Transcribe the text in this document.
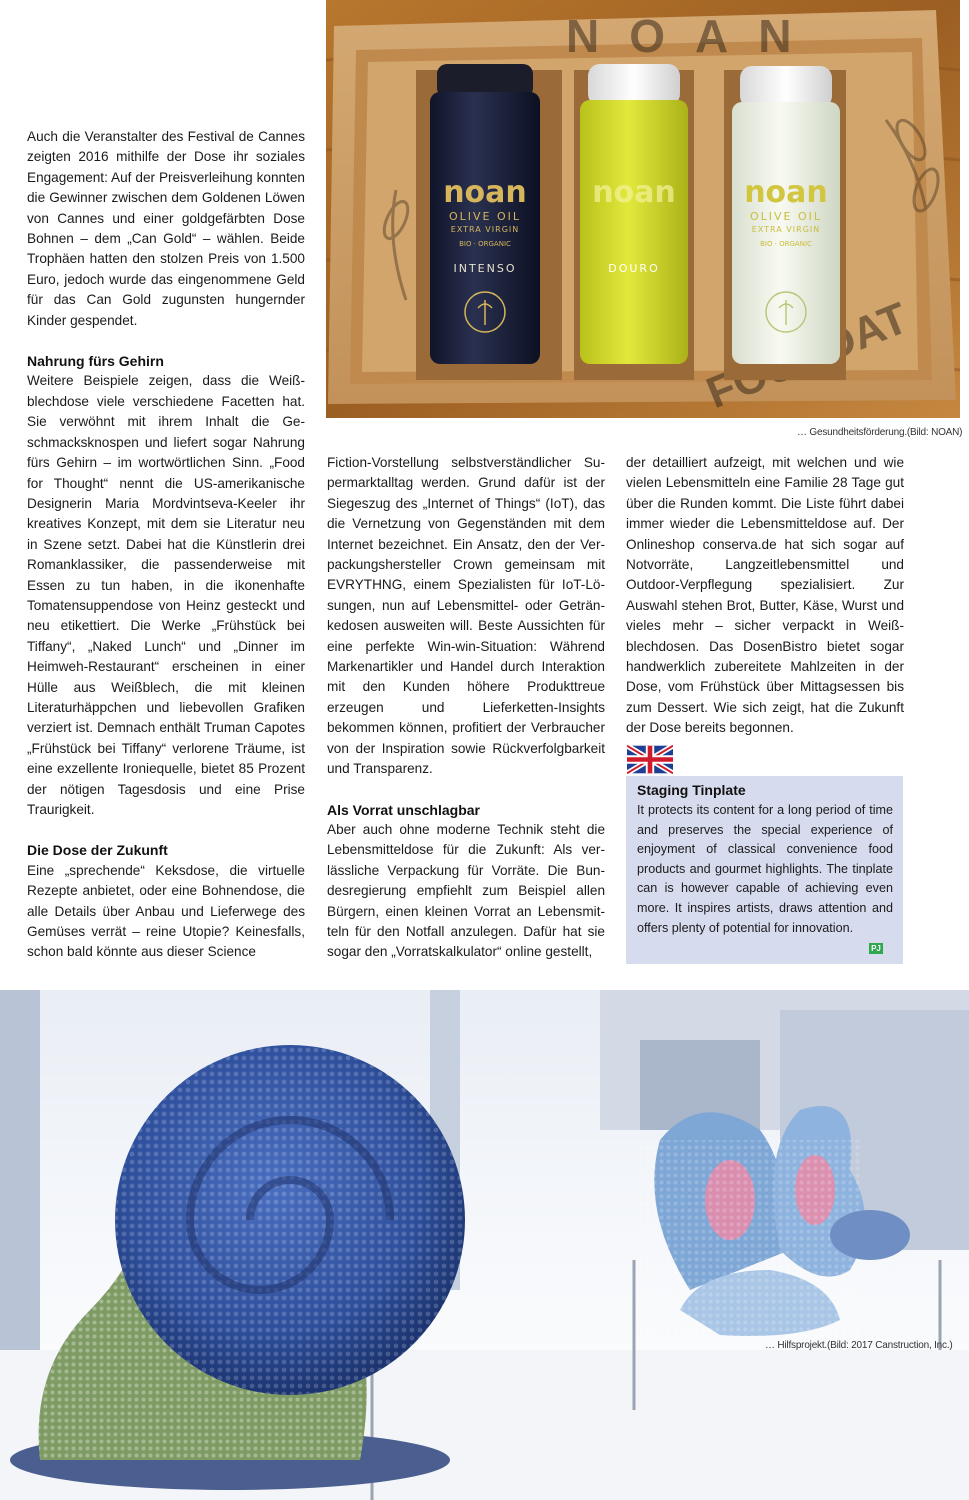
NOAN
noan
OLIVE OIL
EXTRA VIRGIN
BIO · ORGANIC
INTENSO
noan
DOURO
noan
OLIVE OIL
EXTRA VIRGIN
BIO · ORGANIC
… Gesundheitsförderung.(Bild: NOAN)

Auch die Veranstalter des Festival de Cannes zeigten 2016 mithilfe der Dose ihr soziales Engagement: Auf der Preisverleihung konnten die Gewinner zwischen dem Goldenen Löwen von Cannes und einer goldgefärbten Dose Bohnen – dem „Can Gold“ – wählen. Beide Trophäen hatten den stolzen Preis von 1.500 Euro, jedoch wurde das eingenommene Geld für das Can Gold zugunsten hungernder Kinder gespendet.

Nahrung fürs Gehirn

Weitere Beispiele zeigen, dass die Weißblechdose viele verschiedene Facetten hat. Sie verwöhnt mit ihrem Inhalt die Geschmacksknospen und liefert sogar Nahrung fürs Gehirn – im wortwörtlichen Sinn. „Food for Thought“ nennt die US-amerikanische Designerin Maria Mordvintseva-Keeler ihr kreatives Konzept, mit dem sie Literatur neu in Szene setzt. Dabei hat die Künstlerin drei Romanklassiker, die passenderweise mit Essen zu tun haben, in die ikonenhafte Tomatensuppendose von Heinz gesteckt und neu etikettiert. Die Werke „Frühstück bei Tiffany“, „Naked Lunch“ und „Dinner im Heimweh-Restaurant“ erscheinen in einer Hülle aus Weißblech, die mit kleinen Literaturhäppchen und liebevollen Grafiken verziert ist. Demnach enthält Truman Capotes „Frühstück bei Tiffany“ verlorene Träume, ist eine exzellente Ironiequelle, bietet 85 Prozent der nötigen Tagesdosis und eine Prise Traurigkeit.

Die Dose der Zukunft

Eine „sprechende“ Keksdose, die virtuelle Rezepte anbietet, oder eine Bohnendose, die alle Details über Anbau und Lieferwege des Gemüses verrät – reine Utopie? Keinesfalls, schon bald könnte aus dieser Science

Fiction-Vorstellung selbstverständlicher Supermarktalltag werden. Grund dafür ist der Siegeszug des „Internet of Things“ (IoT), das die Vernetzung von Gegenständen mit dem Internet bezeichnet. Ein Ansatz, den der Verpackungshersteller Crown gemeinsam mit EVRYTHNG, einem Spezialisten für IoT-Lösungen, nun auf Lebensmittel- oder Getränkedosen ausweiten will. Beste Aussichten für eine perfekte Win-win-Situation: Während Markenartikler und Handel durch Interaktion mit den Kunden höhere Produkttreue erzeugen und Lieferketten-Insights bekommen können, profitiert der Verbraucher von der Inspiration sowie Rückverfolgbarkeit und Transparenz.

Als Vorrat unschlagbar

Aber auch ohne moderne Technik steht die Lebensmitteldose für die Zukunft: Als verlässliche Verpackung für Vorräte. Die Bundesregierung empfiehlt zum Beispiel allen Bürgern, einen kleinen Vorrat an Lebensmitteln für den Notfall anzulegen. Dafür hat sie sogar den „Vorratskalkulator“ online gestellt,

der detailliert aufzeigt, mit welchen und wie vielen Lebensmitteln eine Familie 28 Tage gut über die Runden kommt. Die Liste führt dabei immer wieder die Lebensmitteldose auf. Der Onlineshop conserva.de hat sich sogar auf Notvorräte, Langzeitlebensmittel und Outdoor-Verpflegung spezialisiert. Zur Auswahl stehen Brot, Butter, Käse, Wurst und vieles mehr – sicher verpackt in Weißblechdosen. Das DosenBistro bietet sogar handwerklich zubereitete Mahlzeiten in der Dose, vom Frühstück über Mittagsessen bis zum Dessert. Wie sich zeigt, hat die Zukunft der Dose bereits begonnen.

Staging Tinplate

It protects its content for a long period of time and preserves the special experience of enjoyment of classical convenience food products and gourmet highlights. The tinplate can is however capable of achieving even more. It inspires artists, draws attention and offers plenty of potential for innovation.

PJ
… Hilfsprojekt.(Bild: 2017 Canstruction, Inc.)
